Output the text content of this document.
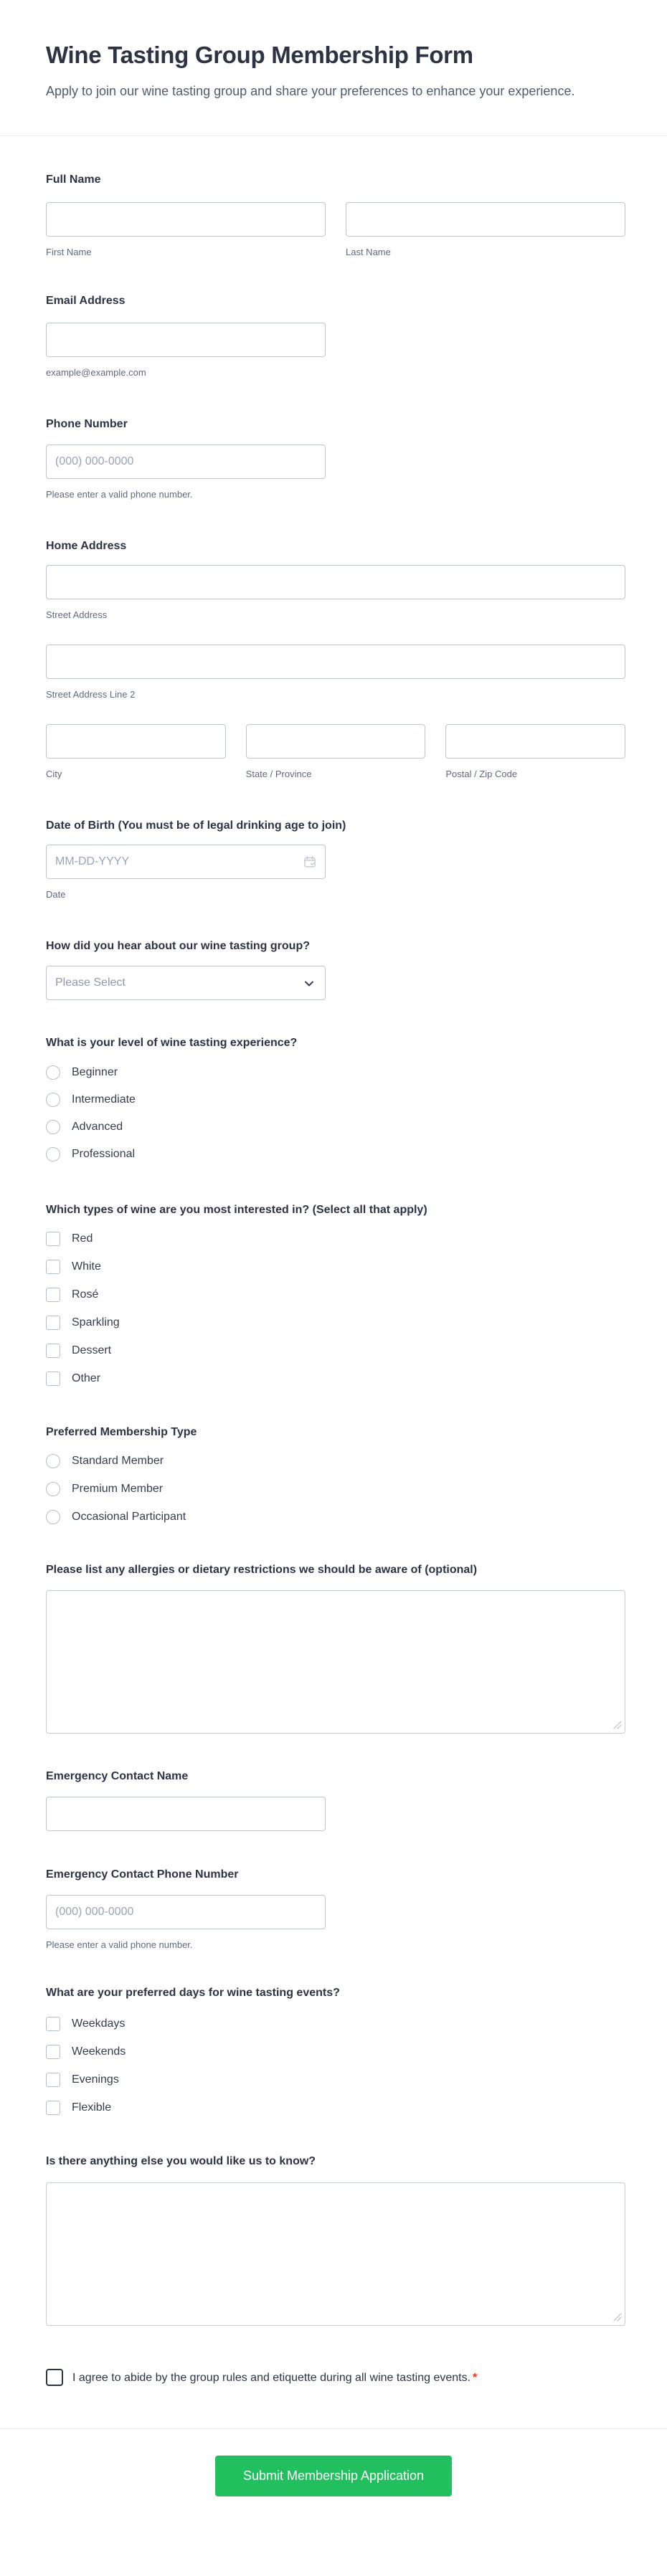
Wine Tasting Group Membership Form

Apply to join our wine tasting group and share your preferences to enhance your experience.

Full Name
First Name	Last Name
Email Address
example@example.com
Phone Number
(000) 000-0000
Please enter a valid phone number.
Home Address
Street Address
Street Address Line 2
City	State / Province	Postal / Zip Code
Date of Birth (You must be of legal drinking age to join)
MM-DD-YYYY
Date
How did you hear about our wine tasting group?
Please Select
What is your level of wine tasting experience?
Beginner
Intermediate
Advanced
Professional
Which types of wine are you most interested in? (Select all that apply)
Red
White
Rosé
Sparkling
Dessert
Other
Preferred Membership Type
Standard Member
Premium Member
Occasional Participant
Please list any allergies or dietary restrictions we should be aware of (optional)
Emergency Contact Name
Emergency Contact Phone Number
(000) 000-0000
Please enter a valid phone number.
What are your preferred days for wine tasting events?
Weekdays
Weekends
Evenings
Flexible
Is there anything else you would like us to know?
I agree to abide by the group rules and etiquette during all wine tasting events. *
Submit Membership Application
